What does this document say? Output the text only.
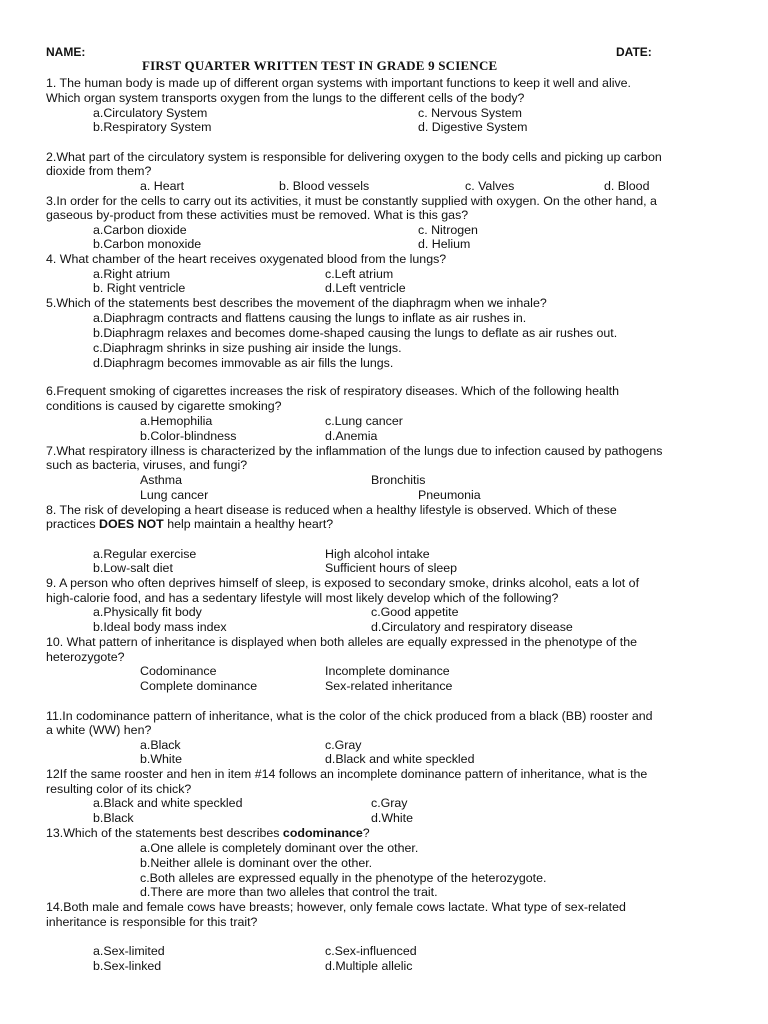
NAME:	DATE:
FIRST QUARTER WRITTEN TEST IN GRADE 9 SCIENCE
1. The human body is made up of different organ systems with important functions to keep it well and alive.
Which organ system transports oxygen from the lungs to the different cells of the body?
a.Circulatory System	c. Nervous System
b.Respiratory System	d. Digestive System
2.What part of the circulatory system is responsible for delivering oxygen to the body cells and picking up carbon
dioxide from them?
a. Heart	b. Blood vessels	c. Valves	d. Blood
3.In order for the cells to carry out its activities, it must be constantly supplied with oxygen. On the other hand, a
gaseous by-product from these activities must be removed. What is this gas?
a.Carbon dioxide	c. Nitrogen
b.Carbon monoxide	d. Helium
4. What chamber of the heart receives oxygenated blood from the lungs?
a.Right atrium	c.Left atrium
b. Right ventricle	d.Left ventricle
5.Which of the statements best describes the movement of the diaphragm when we inhale?
a.Diaphragm contracts and flattens causing the lungs to inflate as air rushes in.
b.Diaphragm relaxes and becomes dome-shaped causing the lungs to deflate as air rushes out.
c.Diaphragm shrinks in size pushing air inside the lungs.
d.Diaphragm becomes immovable as air fills the lungs.
6.Frequent smoking of cigarettes increases the risk of respiratory diseases. Which of the following health
conditions is caused by cigarette smoking?
a.Hemophilia	c.Lung cancer
b.Color-blindness	d.Anemia
7.What respiratory illness is characterized by the inflammation of the lungs due to infection caused by pathogens
such as bacteria, viruses, and fungi?
Asthma	Bronchitis
Lung cancer	Pneumonia
8. The risk of developing a heart disease is reduced when a healthy lifestyle is observed. Which of these
practices DOES NOT help maintain a healthy heart?
a.Regular exercise	High alcohol intake
b.Low-salt diet	Sufficient hours of sleep
9. A person who often deprives himself of sleep, is exposed to secondary smoke, drinks alcohol, eats a lot of
high-calorie food, and has a sedentary lifestyle will most likely develop which of the following?
a.Physically fit body	c.Good appetite
b.Ideal body mass index	d.Circulatory and respiratory disease
10. What pattern of inheritance is displayed when both alleles are equally expressed in the phenotype of the
heterozygote?
Codominance	Incomplete dominance
Complete dominance	Sex-related inheritance
11.In codominance pattern of inheritance, what is the color of the chick produced from a black (BB) rooster and
a white (WW) hen?
a.Black	c.Gray
b.White	d.Black and white speckled
12If the same rooster and hen in item #14 follows an incomplete dominance pattern of inheritance, what is the
resulting color of its chick?
a.Black and white speckled	c.Gray
b.Black	d.White
13.Which of the statements best describes codominance?
a.One allele is completely dominant over the other.
b.Neither allele is dominant over the other.
c.Both alleles are expressed equally in the phenotype of the heterozygote.
d.There are more than two alleles that control the trait.
14.Both male and female cows have breasts; however, only female cows lactate. What type of sex-related
inheritance is responsible for this trait?
a.Sex-limited	c.Sex-influenced
b.Sex-linked	d.Multiple allelic
